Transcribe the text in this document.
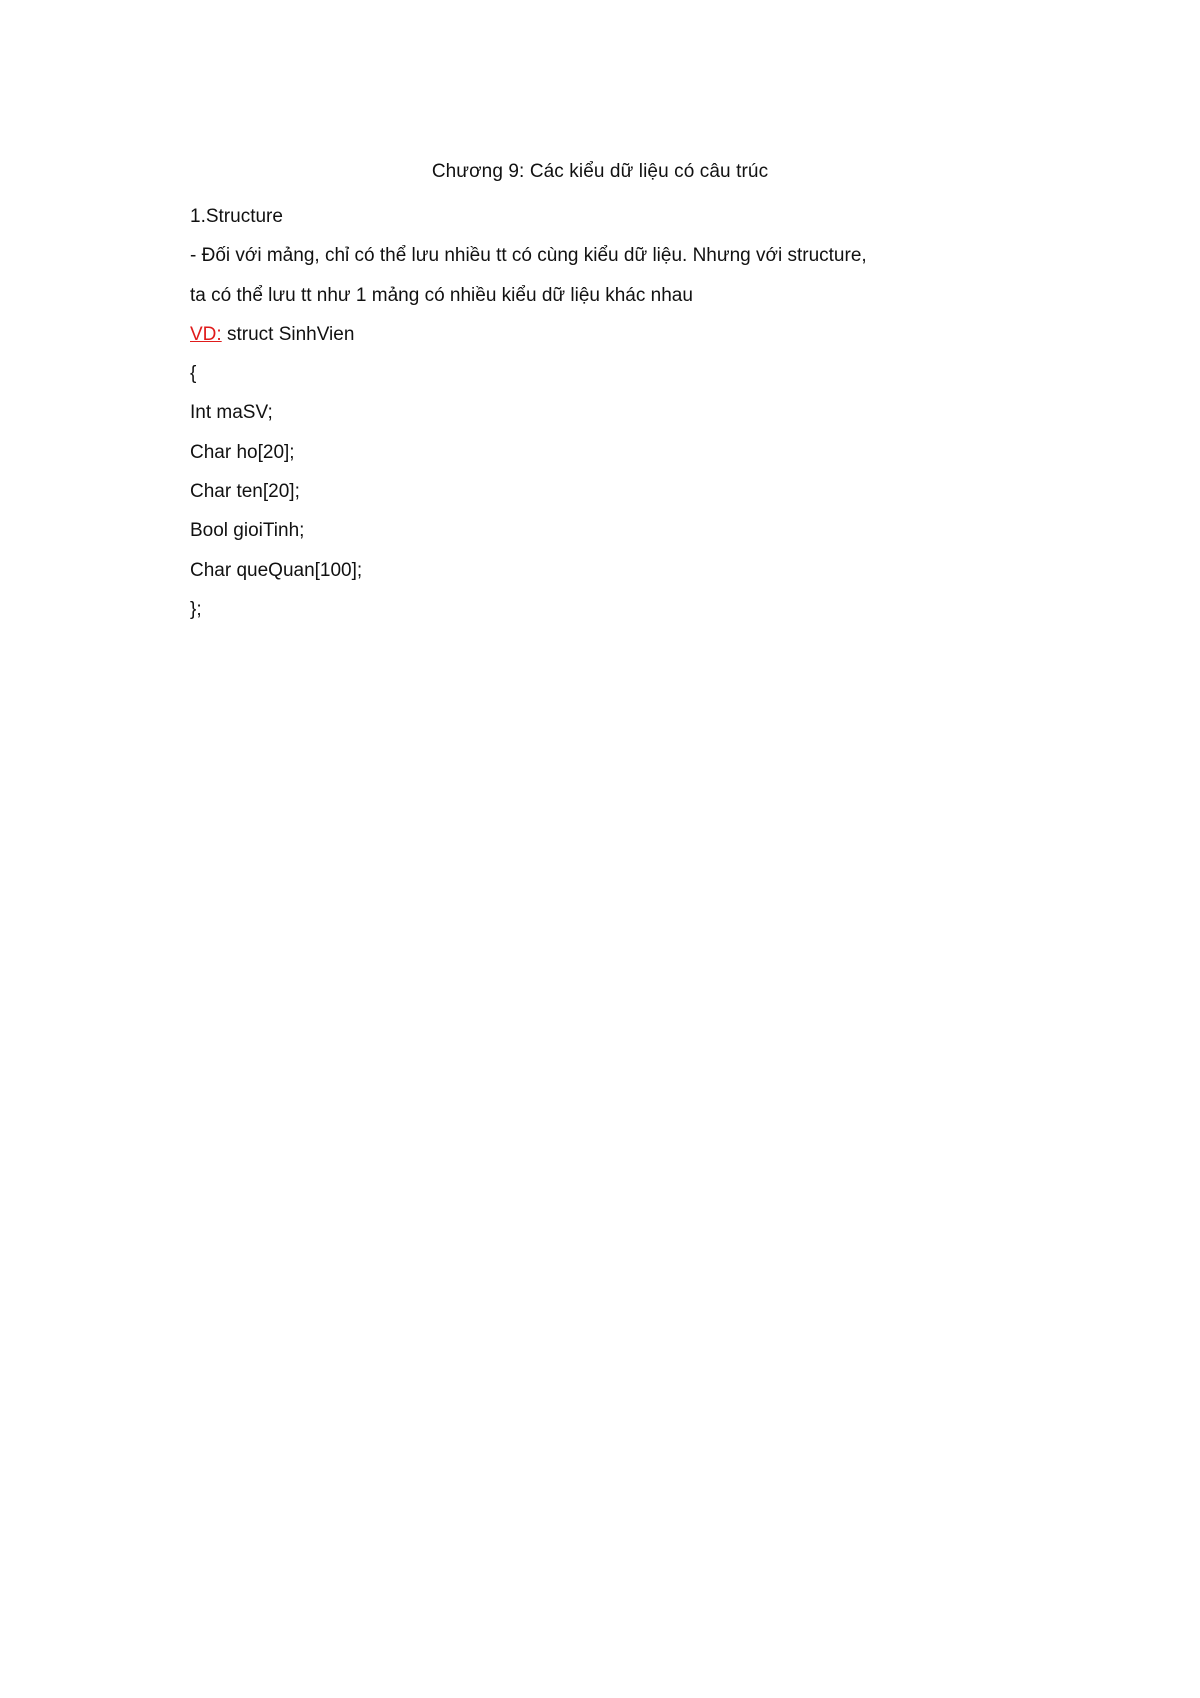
Chương 9: Các kiểu dữ liệu có câu trúc
1.Structure
- Đối với mảng, chỉ có thể lưu nhiều tt có cùng kiểu dữ liệu. Nhưng với structure,
ta có thể lưu tt như 1 mảng có nhiều kiểu dữ liệu khác nhau
VD: struct SinhVien
{
Int maSV;
Char ho[20];
Char ten[20];
Bool gioiTinh;
Char queQuan[100];
};
